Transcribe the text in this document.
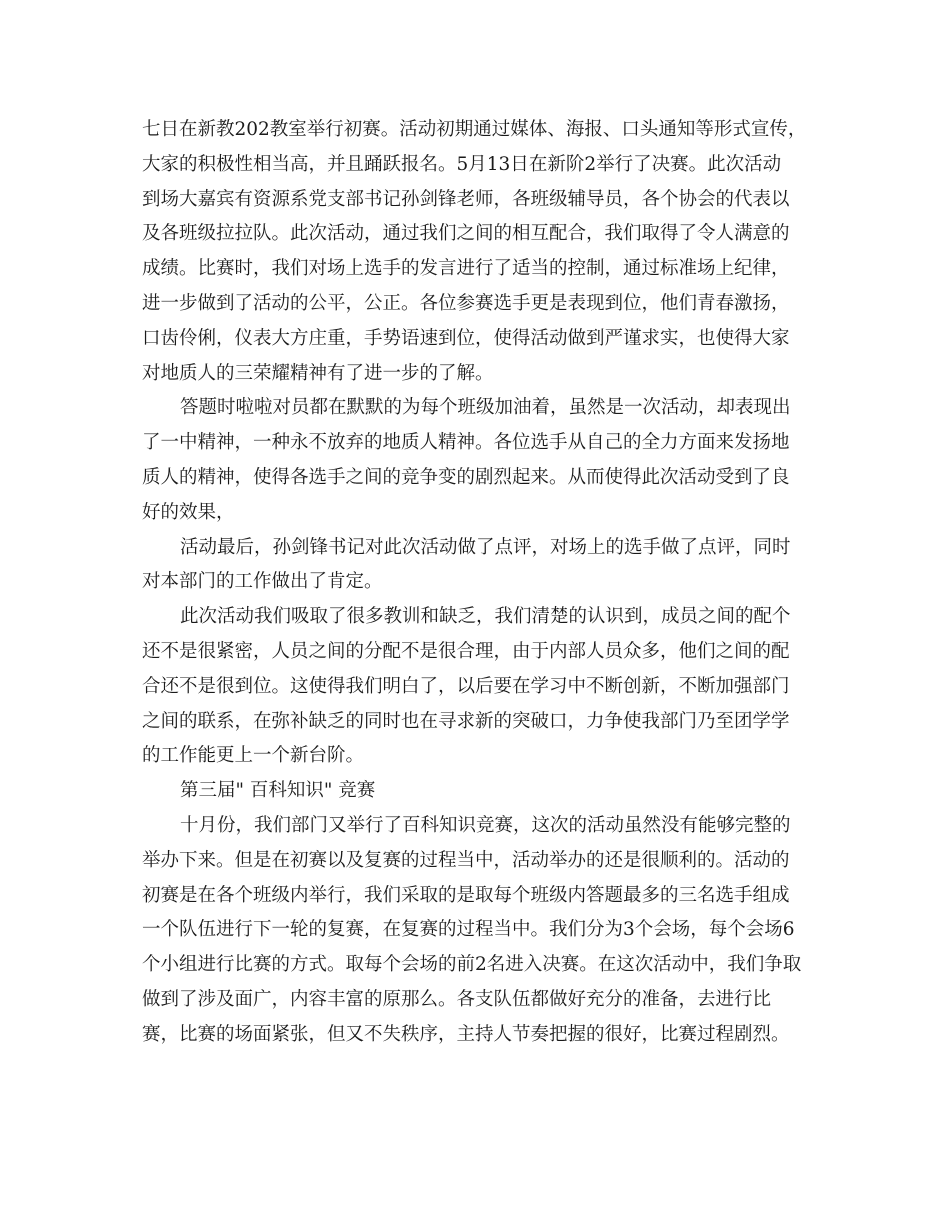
七日在新教202教室举行初赛。活动初期通过媒体、海报、口头通知等形式宣传，
大家的积极性相当高，并且踊跃报名。5月13日在新阶2举行了决赛。此次活动
到场大嘉宾有资源系党支部书记孙剑锋老师，各班级辅导员，各个协会的代表以
及各班级拉拉队。此次活动，通过我们之间的相互配合，我们取得了令人满意的
成绩。比赛时，我们对场上选手的发言进行了适当的控制，通过标准场上纪律，
进一步做到了活动的公平，公正。各位参赛选手更是表现到位，他们青春激扬，
口齿伶俐，仪表大方庄重，手势语速到位，使得活动做到严谨求实，也使得大家
对地质人的三荣耀精神有了进一步的了解。
答题时啦啦对员都在默默的为每个班级加油着，虽然是一次活动，却表现出
了一中精神，一种永不放弃的地质人精神。各位选手从自己的全力方面来发扬地
质人的精神，使得各选手之间的竞争变的剧烈起来。从而使得此次活动受到了良
好的效果，
活动最后，孙剑锋书记对此次活动做了点评，对场上的选手做了点评，同时
对本部门的工作做出了肯定。
此次活动我们吸取了很多教训和缺乏，我们清楚的认识到，成员之间的配个
还不是很紧密，人员之间的分配不是很合理，由于内部人员众多，他们之间的配
合还不是很到位。这使得我们明白了，以后要在学习中不断创新，不断加强部门
之间的联系，在弥补缺乏的同时也在寻求新的突破口，力争使我部门乃至团学学
的工作能更上一个新台阶。
第三届" 百科知识" 竞赛
十月份，我们部门又举行了百科知识竞赛，这次的活动虽然没有能够完整的
举办下来。但是在初赛以及复赛的过程当中，活动举办的还是很顺利的。活动的
初赛是在各个班级内举行，我们采取的是取每个班级内答题最多的三名选手组成
一个队伍进行下一轮的复赛，在复赛的过程当中。我们分为3个会场，每个会场6
个小组进行比赛的方式。取每个会场的前2名进入决赛。在这次活动中，我们争取
做到了涉及面广，内容丰富的原那么。各支队伍都做好充分的准备，去进行比
赛，比赛的场面紧张，但又不失秩序，主持人节奏把握的很好，比赛过程剧烈。
